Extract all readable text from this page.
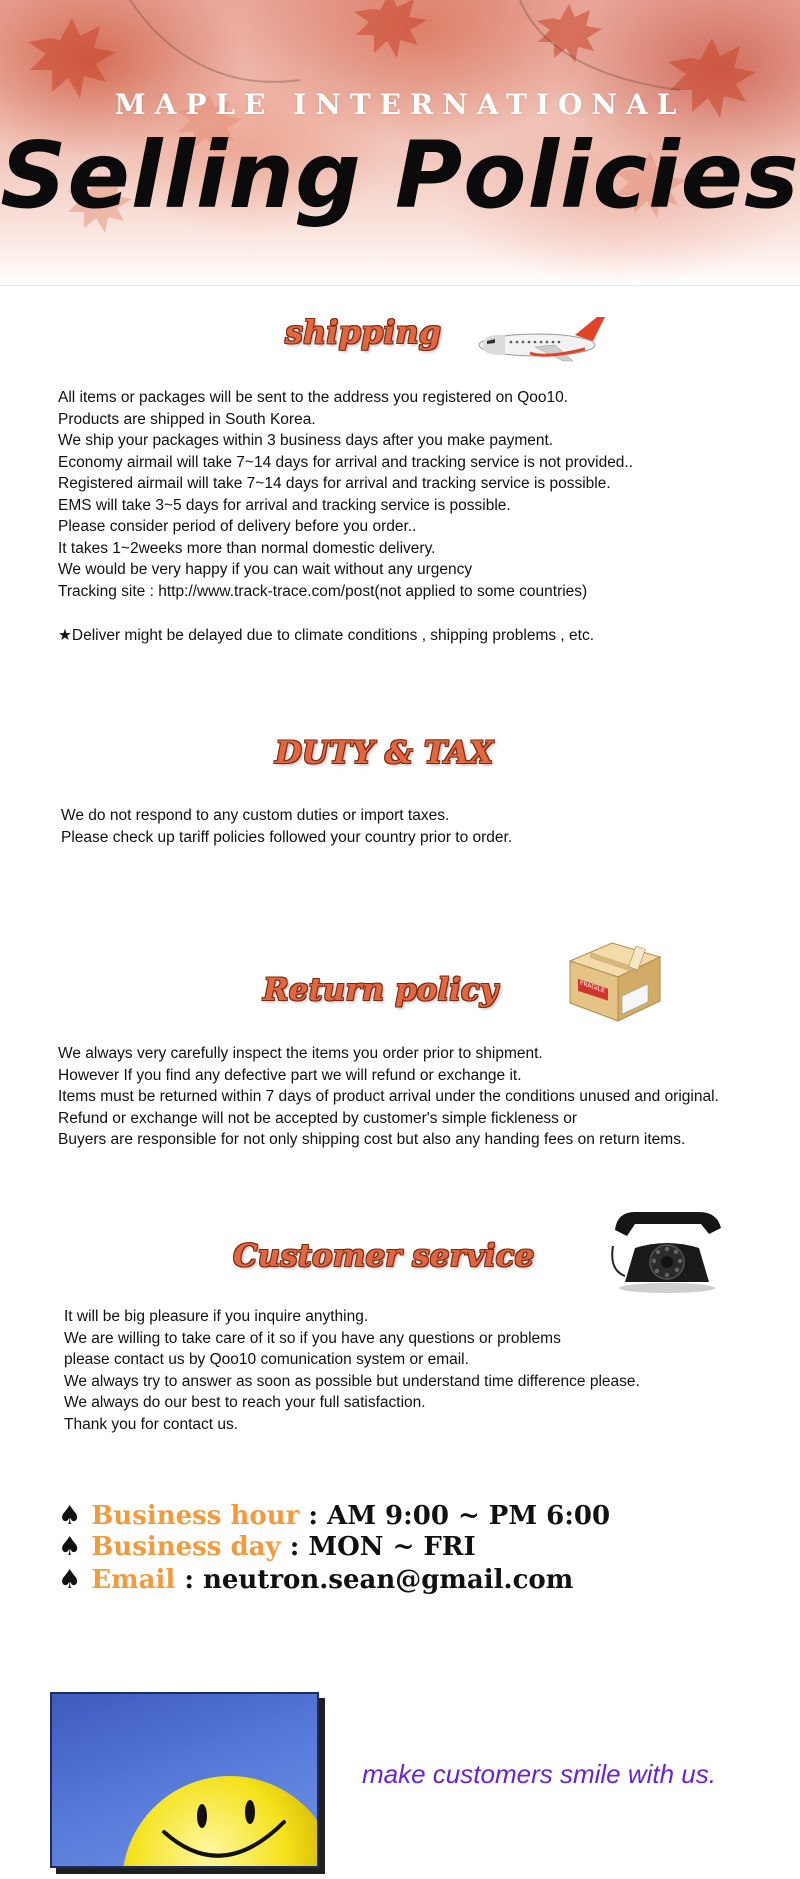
MAPLE INTERNATIONAL
Selling Policies
shipping
All items or packages will be sent to the address you registered on Qoo10.
Products are shipped in South Korea.
We ship your packages within 3 business days after you make payment.
Economy airmail will take 7~14 days for arrival and tracking service is not provided..
Registered airmail will take 7~14 days for arrival and tracking service is possible.
EMS will take 3~5 days for arrival and tracking service is possible.
Please consider period of delivery before you order..
It takes 1~2weeks more than normal domestic delivery.
We would be very happy if you can wait without any urgency
Tracking site : http://www.track-trace.com/post(not applied to some countries)
★Deliver might be delayed due to climate conditions , shipping problems , etc.
DUTY & TAX
We do not respond to any custom duties or import taxes.
Please check up tariff policies followed your country prior to order.
Return policy	FRAGILE
We always very carefully inspect the items you order prior to shipment.
However If you find any defective part we will refund or exchange it.
Items must be returned within 7 days of product arrival under the conditions unused and original.
Refund or exchange will not be accepted by customer's simple fickleness or
Buyers are responsible for not only shipping cost but also any handing fees on return items.
Customer service
It will be big pleasure if you inquire anything.
We are willing to take care of it so if you have any questions or problems
please contact us by Qoo10 comunication system or email.
We always try to answer as soon as possible but understand time difference please.
We always do our best to reach your full satisfaction.
Thank you for contact us.
♠ Business hour : AM 9:00 ~ PM 6:00
♠ Business day : MON ~ FRI
♠ Email : neutron.sean@gmail.com
make customers smile with us.
